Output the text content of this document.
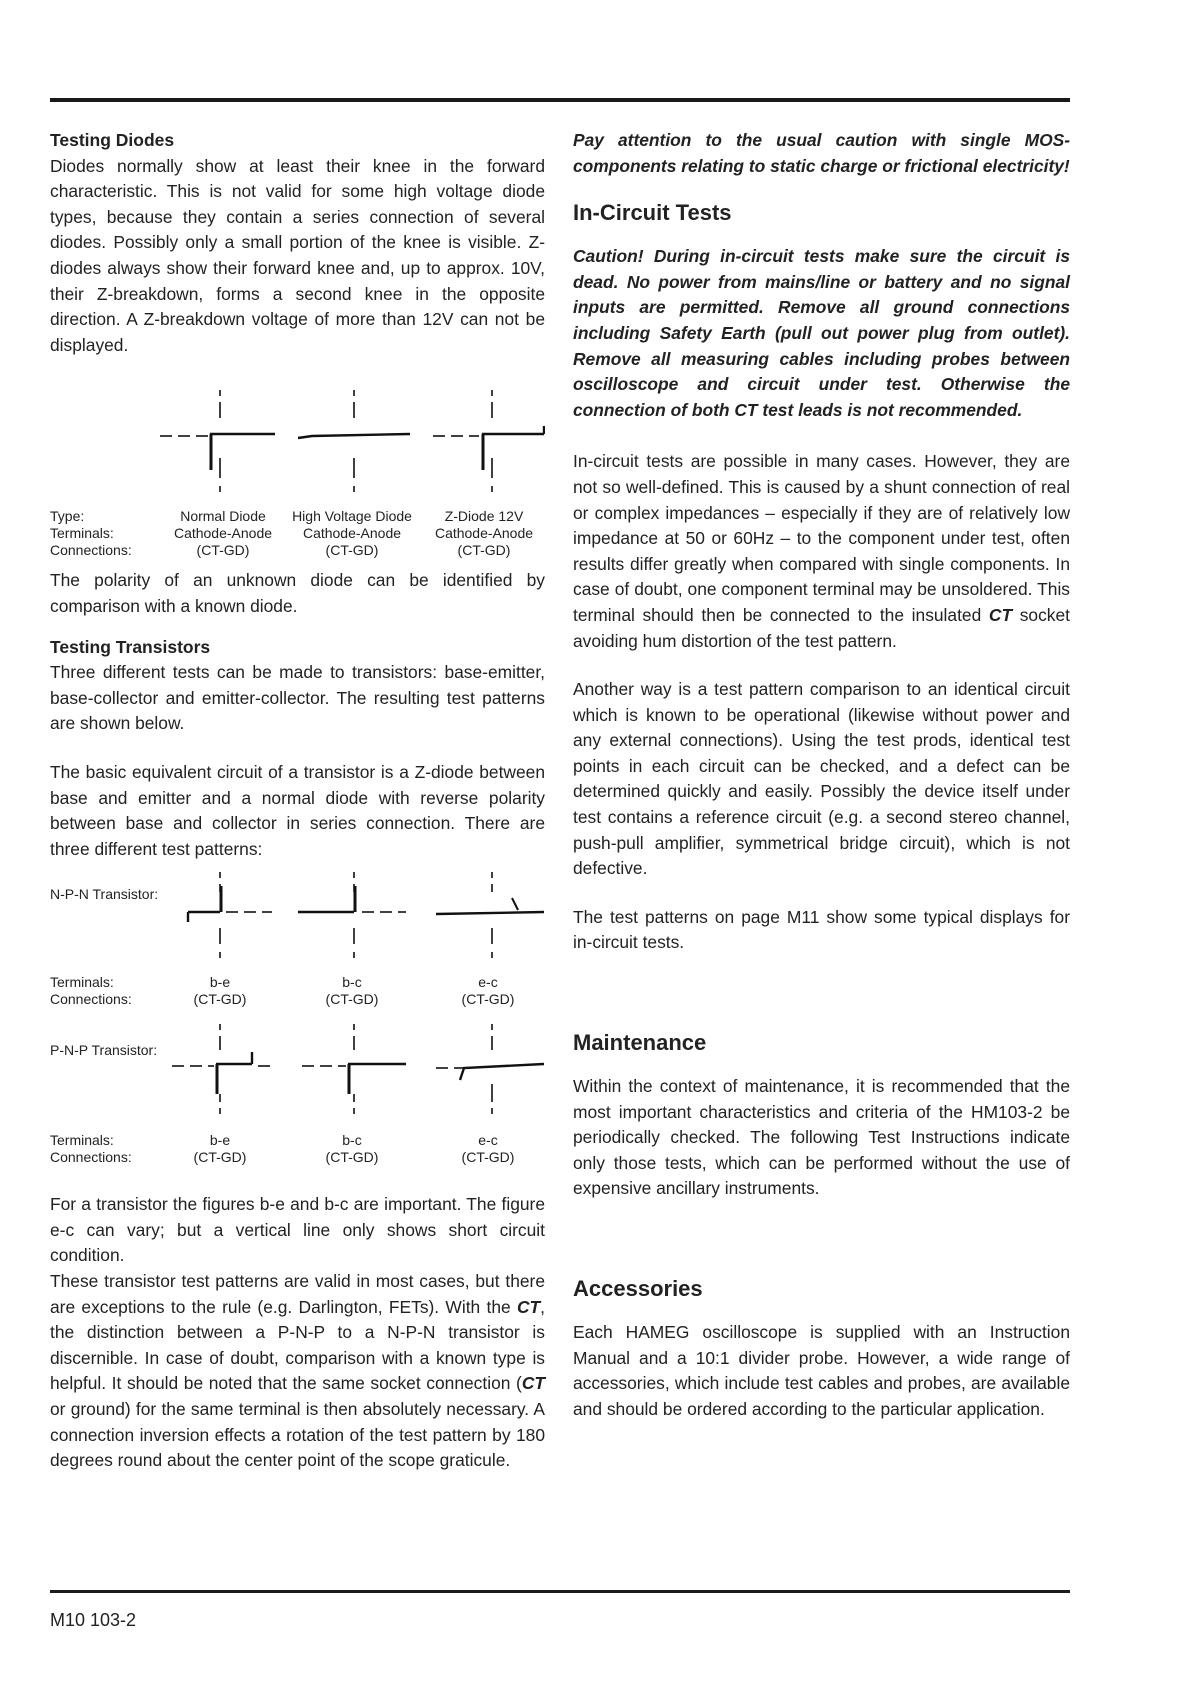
Testing Diodes

Diodes normally show at least their knee in the forward characteristic. This is not valid for some high voltage diode types, because they contain a series connection of several diodes. Possibly only a small portion of the knee is visible. Z-diodes always show their forward knee and, up to approx. 10V, their Z-breakdown, forms a second knee in the opposite direction. A Z-breakdown voltage of more than 12V can not be displayed.

Type:
Terminals:
Connections:
Normal Diode
Cathode-Anode
(CT-GD)
High Voltage Diode
Cathode-Anode
(CT-GD)
Z-Diode 12V
Cathode-Anode
(CT-GD)

The polarity of an unknown diode can be identified by comparison with a known diode.

Testing Transistors

Three different tests can be made to transistors: base-emitter, base-collector and emitter-collector. The resulting test patterns are shown below.

The basic equivalent circuit of a transistor is a Z-diode between base and emitter and a normal diode with reverse polarity between base and collector in series connection. There are three different test patterns:

N-P-N Transistor:
Terminals:
Connections:
b-e
(CT-GD)
b-c
(CT-GD)
e-c
(CT-GD)
P-N-P Transistor:
Terminals:
Connections:
b-e
(CT-GD)
b-c
(CT-GD)
e-c
(CT-GD)

For a transistor the figures b-e and b-c are important. The figure e-c can vary; but a vertical line only shows short circuit condition.

These transistor test patterns are valid in most cases, but there are exceptions to the rule (e.g. Darlington, FETs). With the CT, the distinction between a P-N-P to a N-P-N transistor is discernible. In case of doubt, comparison with a known type is helpful. It should be noted that the same socket connection (CT or ground) for the same terminal is then absolutely necessary. A connection inversion effects a rotation of the test pattern by 180 degrees round about the center point of the scope graticule.

Pay attention to the usual caution with single MOS-components relating to static charge or frictional electricity!

In-Circuit Tests

Caution! During in-circuit tests make sure the circuit is dead. No power from mains/line or battery and no signal inputs are permitted. Remove all ground connections including Safety Earth (pull out power plug from outlet). Remove all measuring cables including probes between oscilloscope and circuit under test. Otherwise the connection of both CT test leads is not recommended.

In-circuit tests are possible in many cases. However, they are not so well-defined. This is caused by a shunt connection of real or complex impedances – especially if they are of relatively low impedance at 50 or 60Hz – to the component under test, often results differ greatly when compared with single components. In case of doubt, one component terminal may be unsoldered. This terminal should then be connected to the insulated CT socket avoiding hum distortion of the test pattern.

Another way is a test pattern comparison to an identical circuit which is known to be operational (likewise without power and any external connections). Using the test prods, identical test points in each circuit can be checked, and a defect can be determined quickly and easily. Possibly the device itself under test contains a reference circuit (e.g. a second stereo channel, push-pull amplifier, symmetrical bridge circuit), which is not defective.

The test patterns on page M11 show some typical displays for in-circuit tests.

Maintenance

Within the context of maintenance, it is recommended that the most important characteristics and criteria of the HM103-2 be periodically checked. The following Test Instructions indicate only those tests, which can be performed without the use of expensive ancillary instruments.

Accessories

Each HAMEG oscilloscope is supplied with an Instruction Manual and a 10:1 divider probe. However, a wide range of accessories, which include test cables and probes, are available and should be ordered according to the particular application.

M10 103-2
